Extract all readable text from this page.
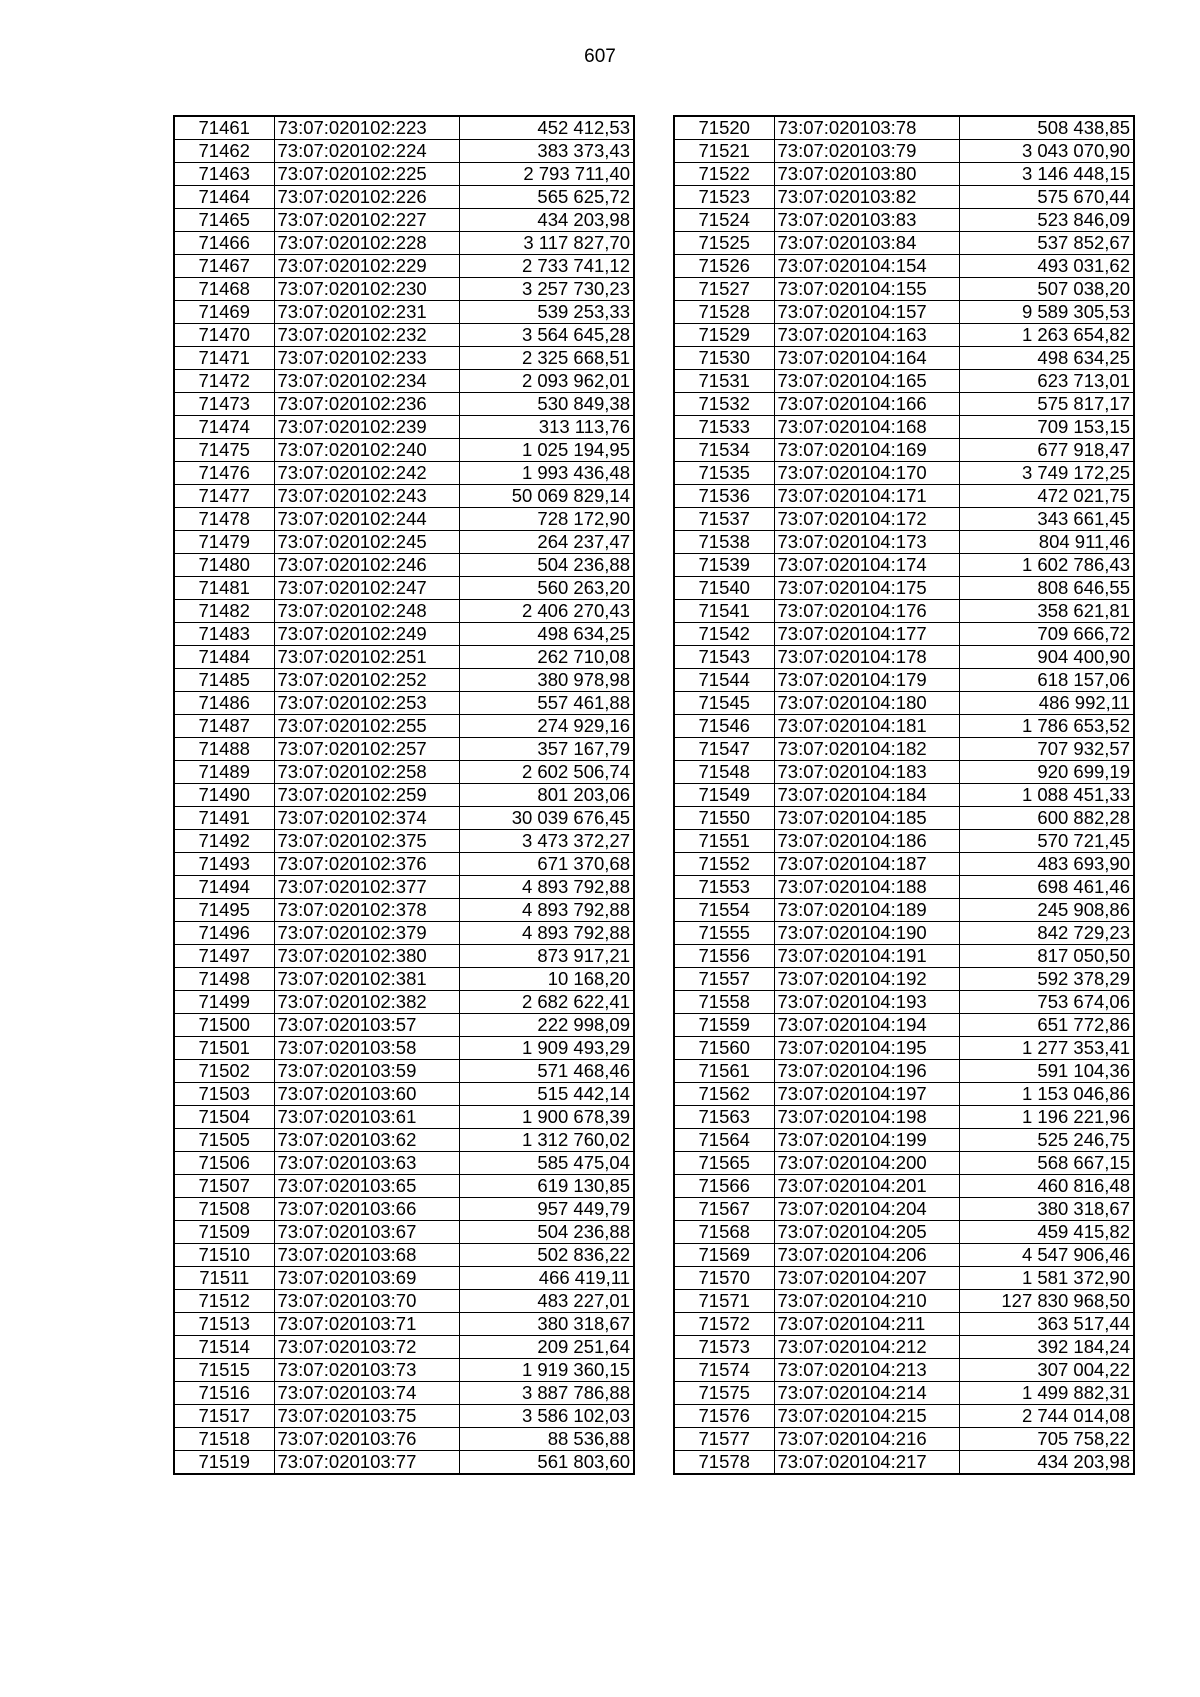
607
71461	73:07:020102:223	452 412,53
71462	73:07:020102:224	383 373,43
71463	73:07:020102:225	2 793 711,40
71464	73:07:020102:226	565 625,72
71465	73:07:020102:227	434 203,98
71466	73:07:020102:228	3 117 827,70
71467	73:07:020102:229	2 733 741,12
71468	73:07:020102:230	3 257 730,23
71469	73:07:020102:231	539 253,33
71470	73:07:020102:232	3 564 645,28
71471	73:07:020102:233	2 325 668,51
71472	73:07:020102:234	2 093 962,01
71473	73:07:020102:236	530 849,38
71474	73:07:020102:239	313 113,76
71475	73:07:020102:240	1 025 194,95
71476	73:07:020102:242	1 993 436,48
71477	73:07:020102:243	50 069 829,14
71478	73:07:020102:244	728 172,90
71479	73:07:020102:245	264 237,47
71480	73:07:020102:246	504 236,88
71481	73:07:020102:247	560 263,20
71482	73:07:020102:248	2 406 270,43
71483	73:07:020102:249	498 634,25
71484	73:07:020102:251	262 710,08
71485	73:07:020102:252	380 978,98
71486	73:07:020102:253	557 461,88
71487	73:07:020102:255	274 929,16
71488	73:07:020102:257	357 167,79
71489	73:07:020102:258	2 602 506,74
71490	73:07:020102:259	801 203,06
71491	73:07:020102:374	30 039 676,45
71492	73:07:020102:375	3 473 372,27
71493	73:07:020102:376	671 370,68
71494	73:07:020102:377	4 893 792,88
71495	73:07:020102:378	4 893 792,88
71496	73:07:020102:379	4 893 792,88
71497	73:07:020102:380	873 917,21
71498	73:07:020102:381	10 168,20
71499	73:07:020102:382	2 682 622,41
71500	73:07:020103:57	222 998,09
71501	73:07:020103:58	1 909 493,29
71502	73:07:020103:59	571 468,46
71503	73:07:020103:60	515 442,14
71504	73:07:020103:61	1 900 678,39
71505	73:07:020103:62	1 312 760,02
71506	73:07:020103:63	585 475,04
71507	73:07:020103:65	619 130,85
71508	73:07:020103:66	957 449,79
71509	73:07:020103:67	504 236,88
71510	73:07:020103:68	502 836,22
71511	73:07:020103:69	466 419,11
71512	73:07:020103:70	483 227,01
71513	73:07:020103:71	380 318,67
71514	73:07:020103:72	209 251,64
71515	73:07:020103:73	1 919 360,15
71516	73:07:020103:74	3 887 786,88
71517	73:07:020103:75	3 586 102,03
71518	73:07:020103:76	88 536,88
71519	73:07:020103:77	561 803,60
71520	73:07:020103:78	508 438,85
71521	73:07:020103:79	3 043 070,90
71522	73:07:020103:80	3 146 448,15
71523	73:07:020103:82	575 670,44
71524	73:07:020103:83	523 846,09
71525	73:07:020103:84	537 852,67
71526	73:07:020104:154	493 031,62
71527	73:07:020104:155	507 038,20
71528	73:07:020104:157	9 589 305,53
71529	73:07:020104:163	1 263 654,82
71530	73:07:020104:164	498 634,25
71531	73:07:020104:165	623 713,01
71532	73:07:020104:166	575 817,17
71533	73:07:020104:168	709 153,15
71534	73:07:020104:169	677 918,47
71535	73:07:020104:170	3 749 172,25
71536	73:07:020104:171	472 021,75
71537	73:07:020104:172	343 661,45
71538	73:07:020104:173	804 911,46
71539	73:07:020104:174	1 602 786,43
71540	73:07:020104:175	808 646,55
71541	73:07:020104:176	358 621,81
71542	73:07:020104:177	709 666,72
71543	73:07:020104:178	904 400,90
71544	73:07:020104:179	618 157,06
71545	73:07:020104:180	486 992,11
71546	73:07:020104:181	1 786 653,52
71547	73:07:020104:182	707 932,57
71548	73:07:020104:183	920 699,19
71549	73:07:020104:184	1 088 451,33
71550	73:07:020104:185	600 882,28
71551	73:07:020104:186	570 721,45
71552	73:07:020104:187	483 693,90
71553	73:07:020104:188	698 461,46
71554	73:07:020104:189	245 908,86
71555	73:07:020104:190	842 729,23
71556	73:07:020104:191	817 050,50
71557	73:07:020104:192	592 378,29
71558	73:07:020104:193	753 674,06
71559	73:07:020104:194	651 772,86
71560	73:07:020104:195	1 277 353,41
71561	73:07:020104:196	591 104,36
71562	73:07:020104:197	1 153 046,86
71563	73:07:020104:198	1 196 221,96
71564	73:07:020104:199	525 246,75
71565	73:07:020104:200	568 667,15
71566	73:07:020104:201	460 816,48
71567	73:07:020104:204	380 318,67
71568	73:07:020104:205	459 415,82
71569	73:07:020104:206	4 547 906,46
71570	73:07:020104:207	1 581 372,90
71571	73:07:020104:210	127 830 968,50
71572	73:07:020104:211	363 517,44
71573	73:07:020104:212	392 184,24
71574	73:07:020104:213	307 004,22
71575	73:07:020104:214	1 499 882,31
71576	73:07:020104:215	2 744 014,08
71577	73:07:020104:216	705 758,22
71578	73:07:020104:217	434 203,98
